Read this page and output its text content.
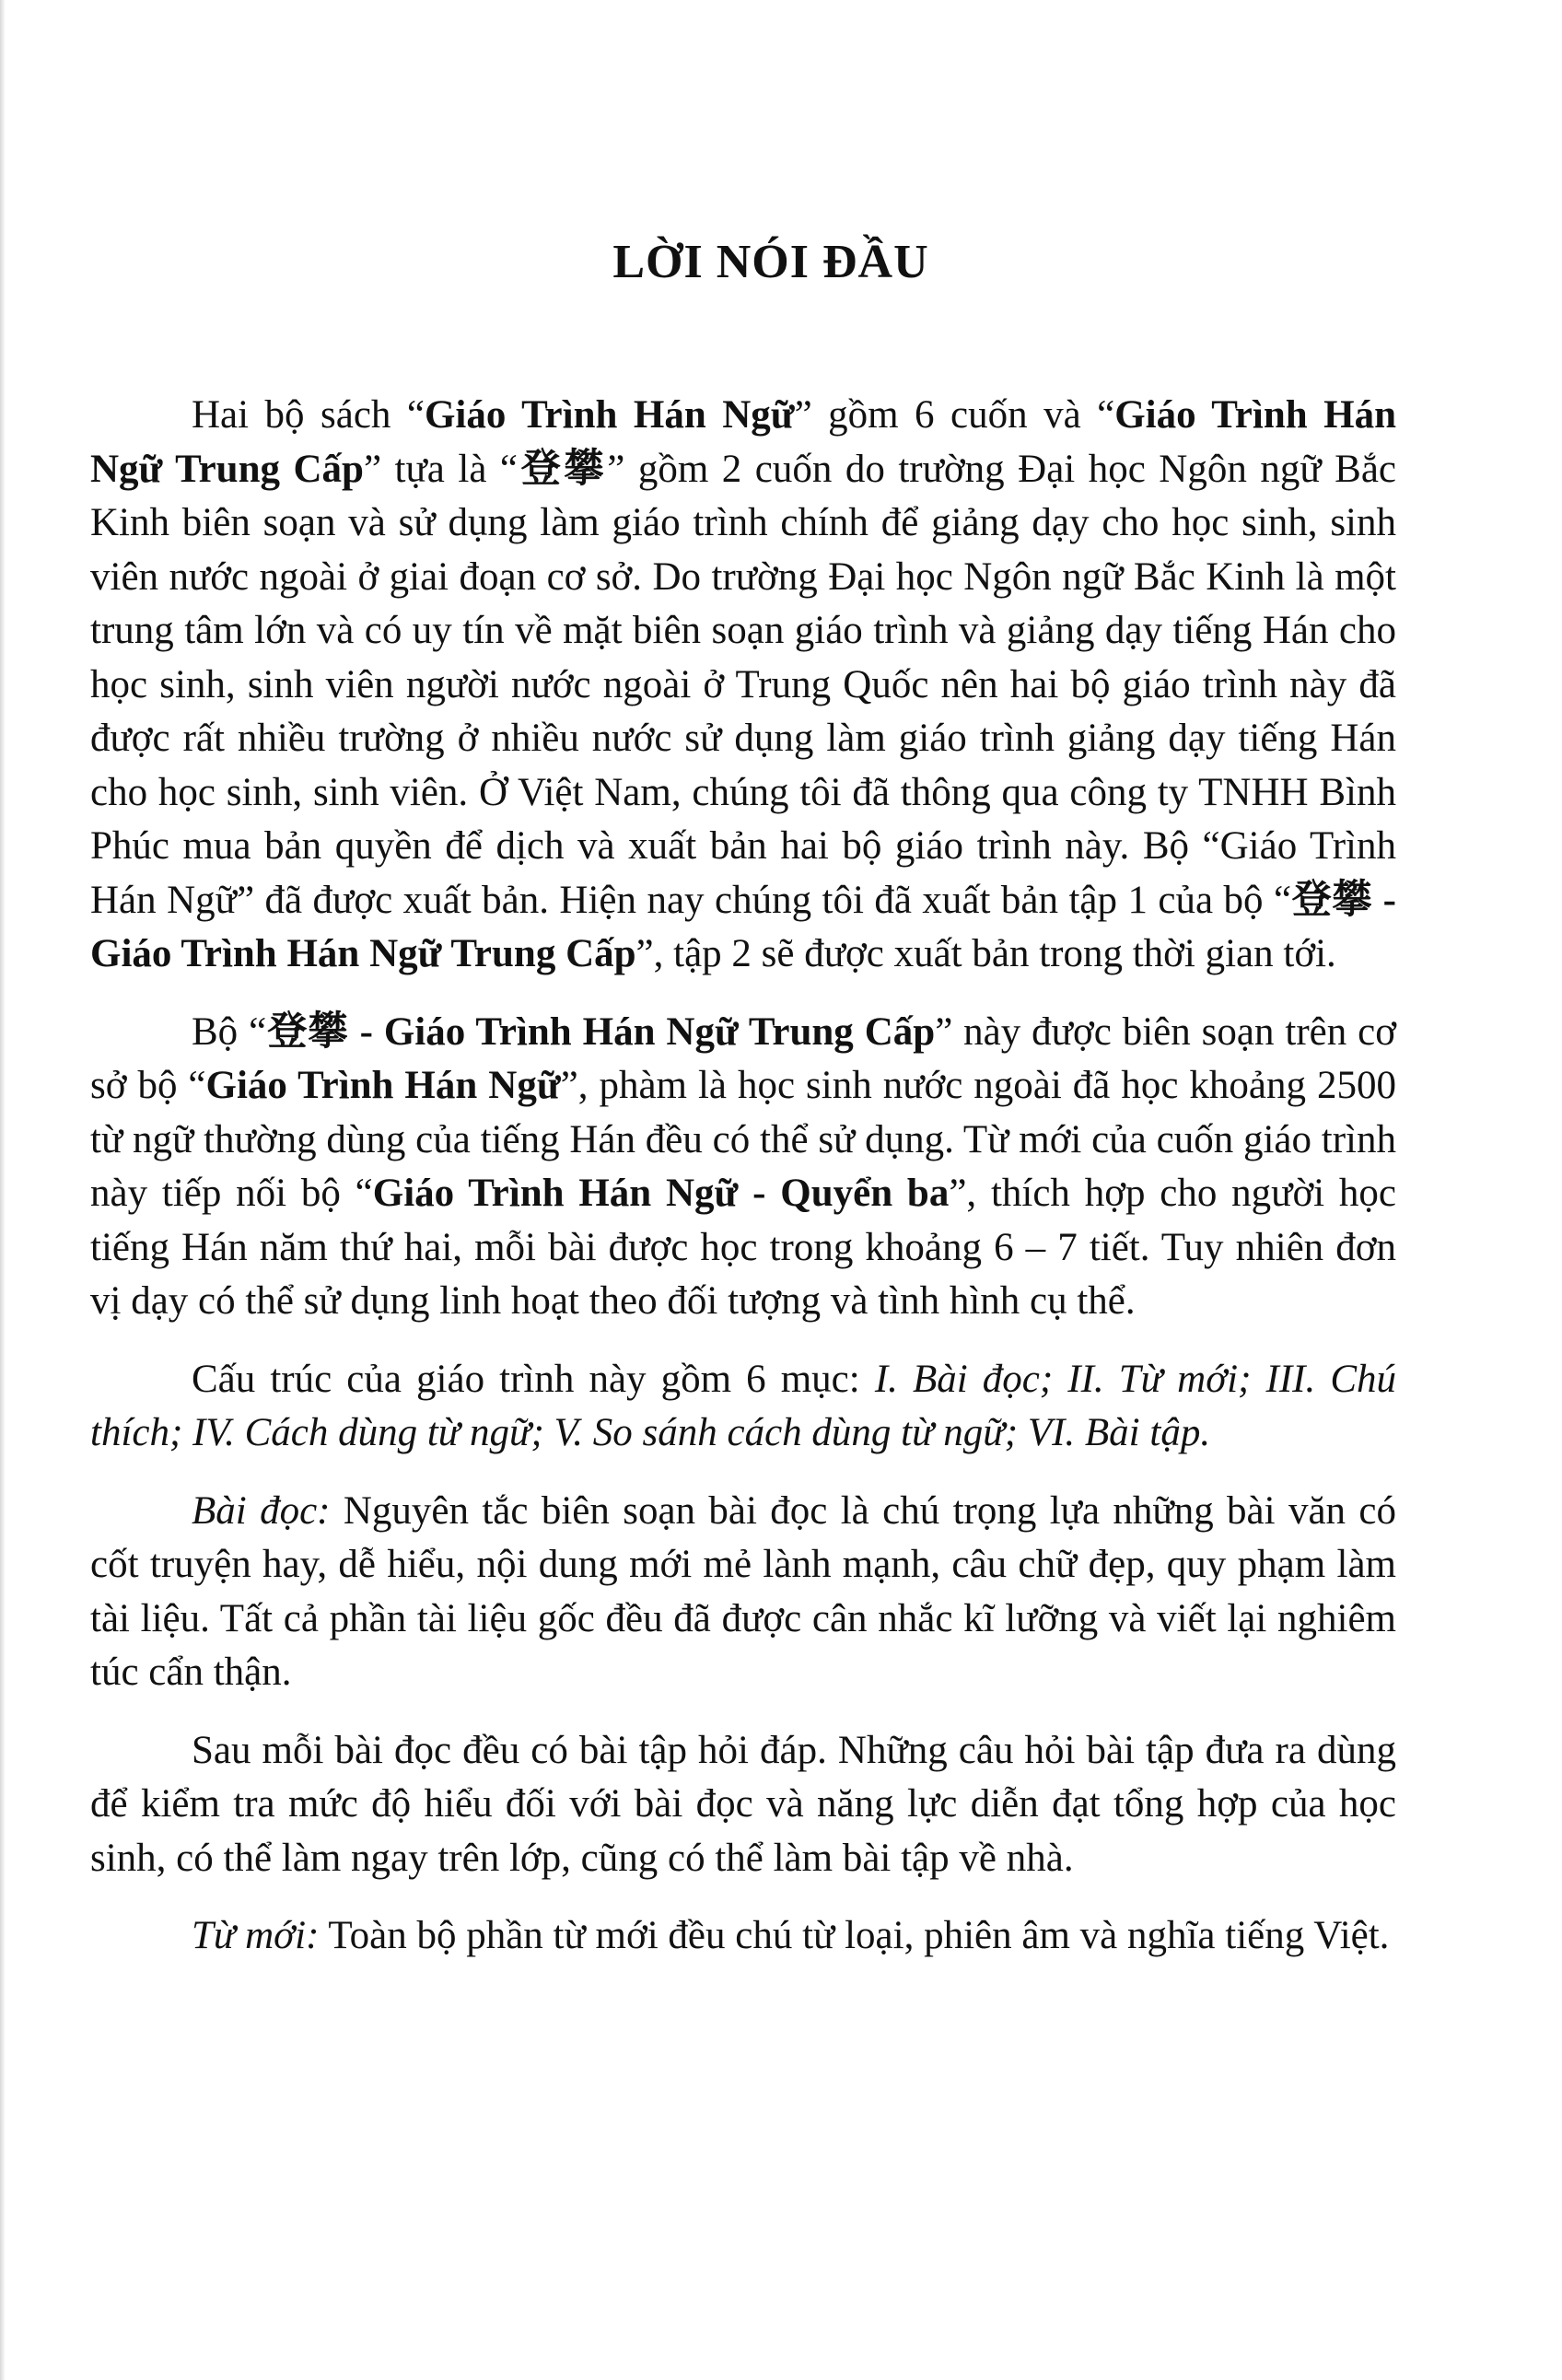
LỜI NÓI ĐẦU

Hai bộ sách “Giáo Trình Hán Ngữ” gồm 6 cuốn và “Giáo Trình Hán Ngữ Trung Cấp” tựa là “登攀” gồm 2 cuốn do trường Đại học Ngôn ngữ Bắc Kinh biên soạn và sử dụng làm giáo trình chính để giảng dạy cho học sinh, sinh viên nước ngoài ở giai đoạn cơ sở. Do trường Đại học Ngôn ngữ Bắc Kinh là một trung tâm lớn và có uy tín về mặt biên soạn giáo trình và giảng dạy tiếng Hán cho học sinh, sinh viên người nước ngoài ở Trung Quốc nên hai bộ giáo trình này đã được rất nhiều trường ở nhiều nước sử dụng làm giáo trình giảng dạy tiếng Hán cho học sinh, sinh viên. Ở Việt Nam, chúng tôi đã thông qua công ty TNHH Bình Phúc mua bản quyền để dịch và xuất bản hai bộ giáo trình này. Bộ “Giáo Trình Hán Ngữ” đã được xuất bản. Hiện nay chúng tôi đã xuất bản tập 1 của bộ “登攀 - Giáo Trình Hán Ngữ Trung Cấp”, tập 2 sẽ được xuất bản trong thời gian tới.

Bộ “登攀 - Giáo Trình Hán Ngữ Trung Cấp” này được biên soạn trên cơ sở bộ “Giáo Trình Hán Ngữ”, phàm là học sinh nước ngoài đã học khoảng 2500 từ ngữ thường dùng của tiếng Hán đều có thể sử dụng. Từ mới của cuốn giáo trình này tiếp nối bộ “Giáo Trình Hán Ngữ - Quyển ba”, thích hợp cho người học tiếng Hán năm thứ hai, mỗi bài được học trong khoảng 6 – 7 tiết. Tuy nhiên đơn vị dạy có thể sử dụng linh hoạt theo đối tượng và tình hình cụ thể.

Cấu trúc của giáo trình này gồm 6 mục: I. Bài đọc; II. Từ mới; III. Chú thích; IV. Cách dùng từ ngữ; V. So sánh cách dùng từ ngữ; VI. Bài tập.

Bài đọc: Nguyên tắc biên soạn bài đọc là chú trọng lựa những bài văn có cốt truyện hay, dễ hiểu, nội dung mới mẻ lành mạnh, câu chữ đẹp, quy phạm làm tài liệu. Tất cả phần tài liệu gốc đều đã được cân nhắc kĩ lưỡng và viết lại nghiêm túc cẩn thận.

Sau mỗi bài đọc đều có bài tập hỏi đáp. Những câu hỏi bài tập đưa ra dùng để kiểm tra mức độ hiểu đối với bài đọc và năng lực diễn đạt tổng hợp của học sinh, có thể làm ngay trên lớp, cũng có thể làm bài tập về nhà.

Từ mới: Toàn bộ phần từ mới đều chú từ loại, phiên âm và nghĩa tiếng Việt.
